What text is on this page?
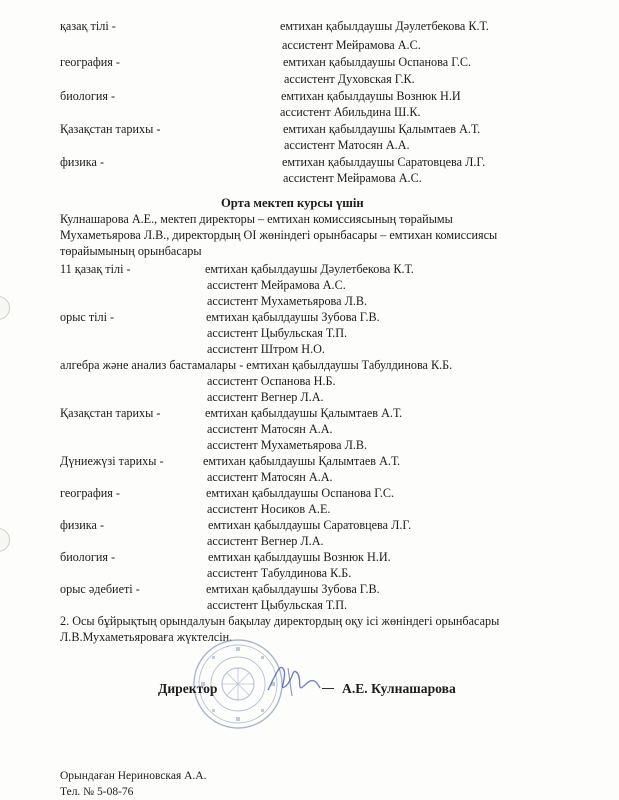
қазақ тілі -	емтихан қабылдаушы Дәулетбекова К.Т.
ассистент Мейрамова А.С.
география -	емтихан қабылдаушы Оспанова Г.С.
ассистент Духовская Г.К.
биология -	емтихан қабылдаушы Вознюк Н.И
ассистент Абильдина Ш.К.
Қазақстан тарихы -	емтихан қабылдаушы Қалымтаев А.Т.
ассистент Матосян А.А.
физика -	емтихан қабылдаушы Саратовцева Л.Г.
ассистент Мейрамова А.С.
Орта мектеп курсы үшін
Кулнашарова А.Е., мектеп директоры – емтихан комиссиясының төрайымы
Мухаметьярова Л.В., директордың ОІ жөніндегі орынбасары – емтихан комиссиясы
төрайымының орынбасары
11 қазақ тілі -	емтихан қабылдаушы Дәулетбекова К.Т.
ассистент Мейрамова А.С.
ассистент Мухаметьярова Л.В.
орыс тілі -	емтихан қабылдаушы Зубова Г.В.
ассистент Цыбульская Т.П.
ассистент Штром Н.О.
алгебра және анализ бастамалары - емтихан қабылдаушы Табулдинова К.Б.
ассистент Оспанова Н.Б.
ассистент Вегнер Л.А.
Қазақстан тарихы -	емтихан қабылдаушы Қалымтаев А.Т.
ассистент Матосян А.А.
ассистент Мухаметьярова Л.В.
Дүниежүзі тарихы -	емтихан қабылдаушы Қалымтаев А.Т.
ассистент Матосян А.А.
география -	емтихан қабылдаушы Оспанова Г.С.
ассистент Носиков А.Е.
физика -	емтихан қабылдаушы Саратовцева Л.Г.
ассистент Вегнер Л.А.
биология -	емтихан қабылдаушы Вознюк Н.И.
ассистент Табулдинова К.Б.
орыс әдебиеті -	емтихан қабылдаушы Зубова Г.В.
ассистент Цыбульская Т.П.
2. Осы бұйрықтың орындалуын бақылау директордың оқу ісі жөніндегі орынбасары
Л.В.Мухаметьяроваға жүктелсін.
Директор	А.Е. Кулнашарова
Орындаған Нериновская А.А.
Тел. № 5-08-76
